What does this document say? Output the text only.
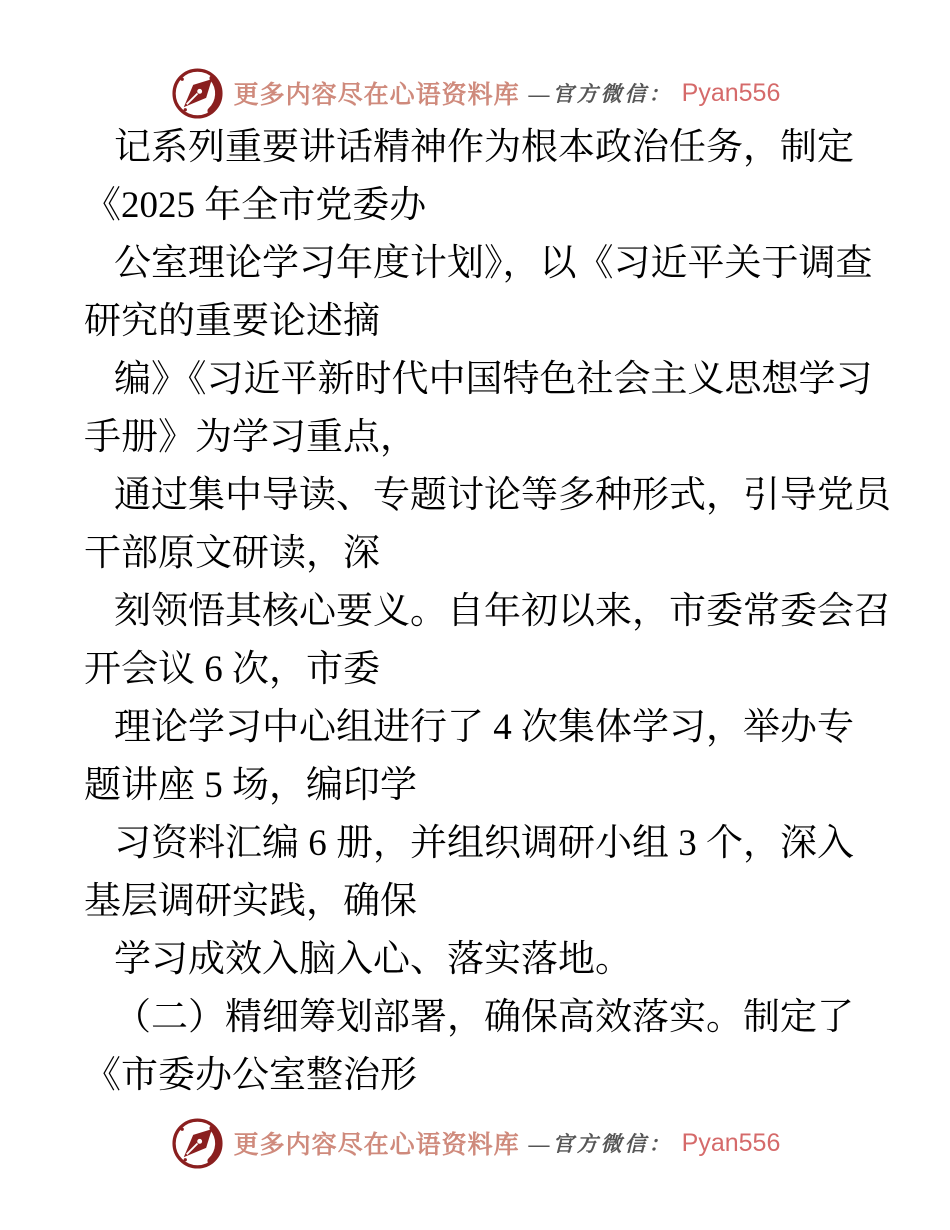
更多内容尽在心语资料库 —官方微信： Pyan556
记系列重要讲话精神作为根本政治任务，制定
《2025 年全市党委办
公室理论学习年度计划》，以《习近平关于调查
研究的重要论述摘
编》《习近平新时代中国特色社会主义思想学习
手册》为学习重点，
通过集中导读、专题讨论等多种形式，引导党员
干部原文研读，深
刻领悟其核心要义。自年初以来，市委常委会召
开会议 6 次，市委
理论学习中心组进行了 4 次集体学习，举办专
题讲座 5 场，编印学
习资料汇编 6 册，并组织调研小组 3 个，深入
基层调研实践，确保
学习成效入脑入心、落实落地。
（二）精细筹划部署，确保高效落实。制定了
《市委办公室整治形
更多内容尽在心语资料库 —官方微信： Pyan556
